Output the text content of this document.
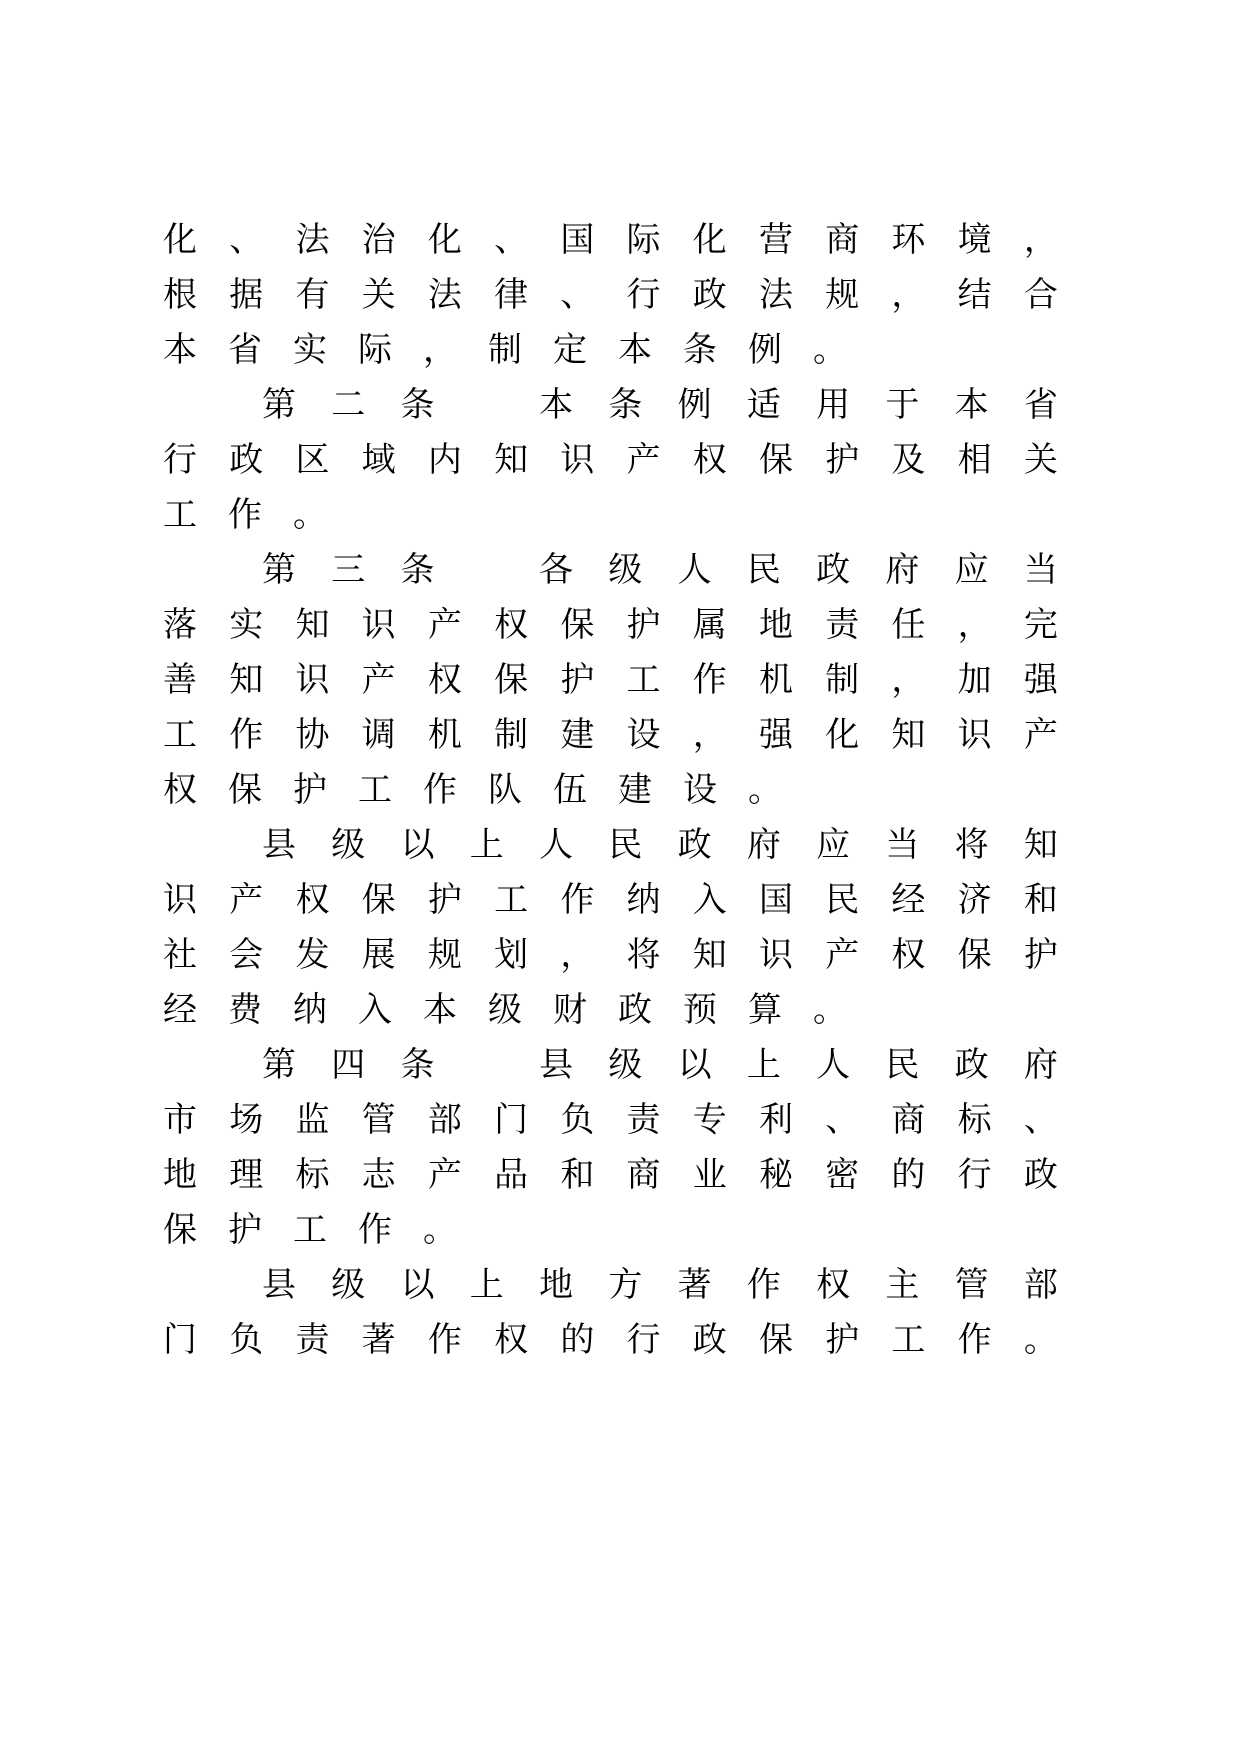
化 、 法 治 化 、 国 际 化 营 商 环 境 ，
根 据 有 关 法 律 、 行 政 法 规 ， 结 合
本 省 实 际 ， 制 定 本 条 例 。
第 二 条
　	本 条 例 适 用 于 本 省
行 政 区 域 内 知 识 产 权 保 护 及 相 关
工 作 。
第 三 条
　	各 级 人 民 政 府 应 当
落 实 知 识 产 权 保 护 属 地 责 任 ， 完
善 知 识 产 权 保 护 工 作 机 制 ， 加 强
工 作 协 调 机 制 建 设 ， 强 化 知 识 产
权 保 护 工 作 队 伍 建 设 。
县 级 以 上 人 民 政 府 应 当 将 知
识 产 权 保 护 工 作 纳 入 国 民 经 济 和
社 会 发 展 规 划 ， 将 知 识 产 权 保 护
经 费 纳 入 本 级 财 政 预 算 。
第 四 条
　	县 级 以 上 人 民 政 府
市 场 监 管 部 门 负 责 专 利 、 商 标 、
地 理 标 志 产 品 和 商 业 秘 密 的 行 政
保 护 工 作 。
县 级 以 上 地 方 著 作 权 主 管 部
门 负 责 著 作 权 的 行 政 保 护 工 作 。
